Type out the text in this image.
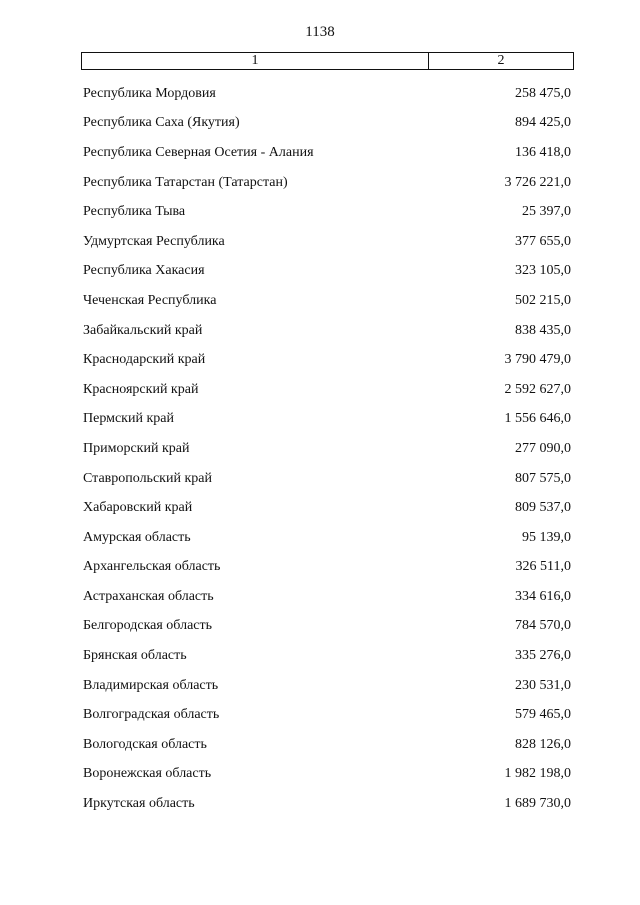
1138
1	2
Республика Мордовия	258 475,0
Республика Саха (Якутия)	894 425,0
Республика Северная Осетия - Алания	136 418,0
Республика Татарстан (Татарстан)	3 726 221,0
Республика Тыва	25 397,0
Удмуртская Республика	377 655,0
Республика Хакасия	323 105,0
Чеченская Республика	502 215,0
Забайкальский край	838 435,0
Краснодарский край	3 790 479,0
Красноярский край	2 592 627,0
Пермский край	1 556 646,0
Приморский край	277 090,0
Ставропольский край	807 575,0
Хабаровский край	809 537,0
Амурская область	95 139,0
Архангельская область	326 511,0
Астраханская область	334 616,0
Белгородская область	784 570,0
Брянская область	335 276,0
Владимирская область	230 531,0
Волгоградская область	579 465,0
Вологодская область	828 126,0
Воронежская область	1 982 198,0
Иркутская область	1 689 730,0
